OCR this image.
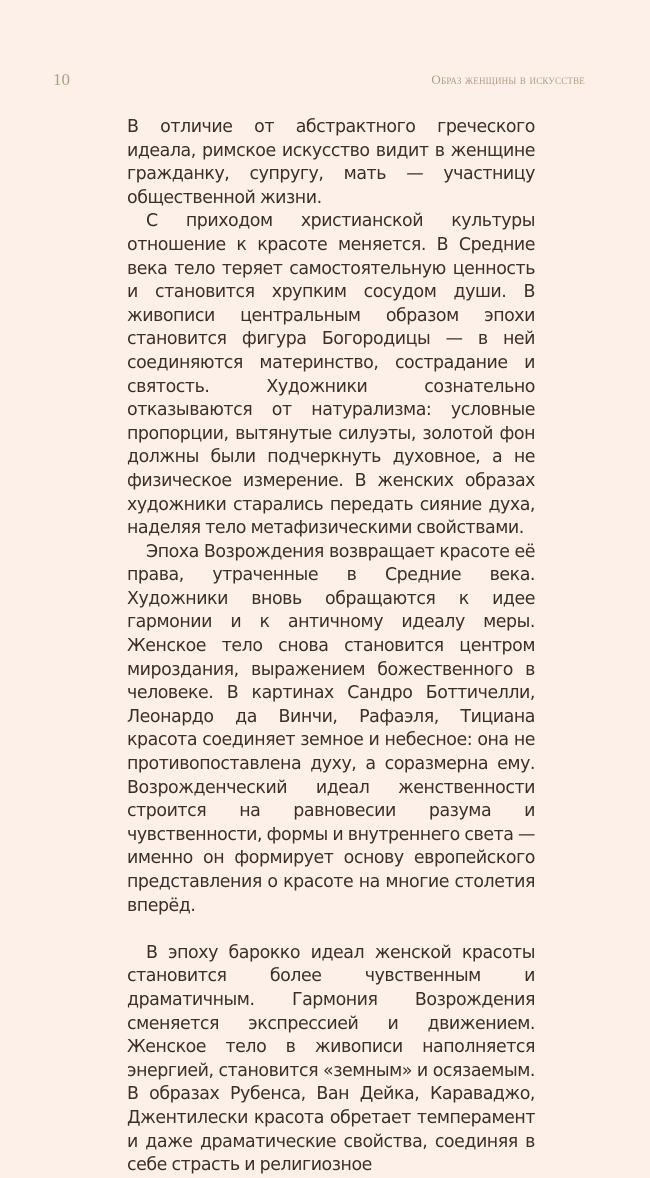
10	Образ женщины в искусстве

В отличие от абстрактного греческого идеала, римское искусство видит в женщине гражданку, супругу, мать — участницу общественной жизни.

С приходом христианской культуры отношение к красоте меняется. В Средние века тело теряет самостоятельную ценность и становится хрупким сосудом души. В живописи центральным образом эпохи становится фигура Богородицы — в ней соединяются материнство, сострадание и святость. Художники сознательно отказываются от натурализма: условные пропорции, вытянутые силуэты, золотой фон должны были подчеркнуть духовное, а не физическое измерение. В женских образах художники старались передать сияние духа, наделяя тело метафизическими свойствами.

Эпоха Возрождения возвращает красоте её права, утраченные в Средние века. Художники вновь обращаются к идее гармонии и к античному идеалу меры. Женское тело снова становится центром мироздания, выражением божественного в человеке. В картинах Сандро Боттичелли, Леонардо да Винчи, Рафаэля, Тициана красота соединяет земное и небесное: она не противопоставлена духу, а соразмерна ему. Возрожденческий идеал женственности строится на равновесии разума и чувственности, формы и внутреннего света — именно он формирует основу европейского представления о красоте на многие столетия вперёд.

В эпоху барокко идеал женской красоты становится более чувственным и драматичным. Гармония Возрождения сменяется экспрессией и движением. Женское тело в живописи наполняется энергией, становится «земным» и осязаемым. В образах Рубенса, Ван Дейка, Караваджо, Джентилески красота обретает темперамент и даже драматические свойства, соединяя в себе страсть и религиозное
